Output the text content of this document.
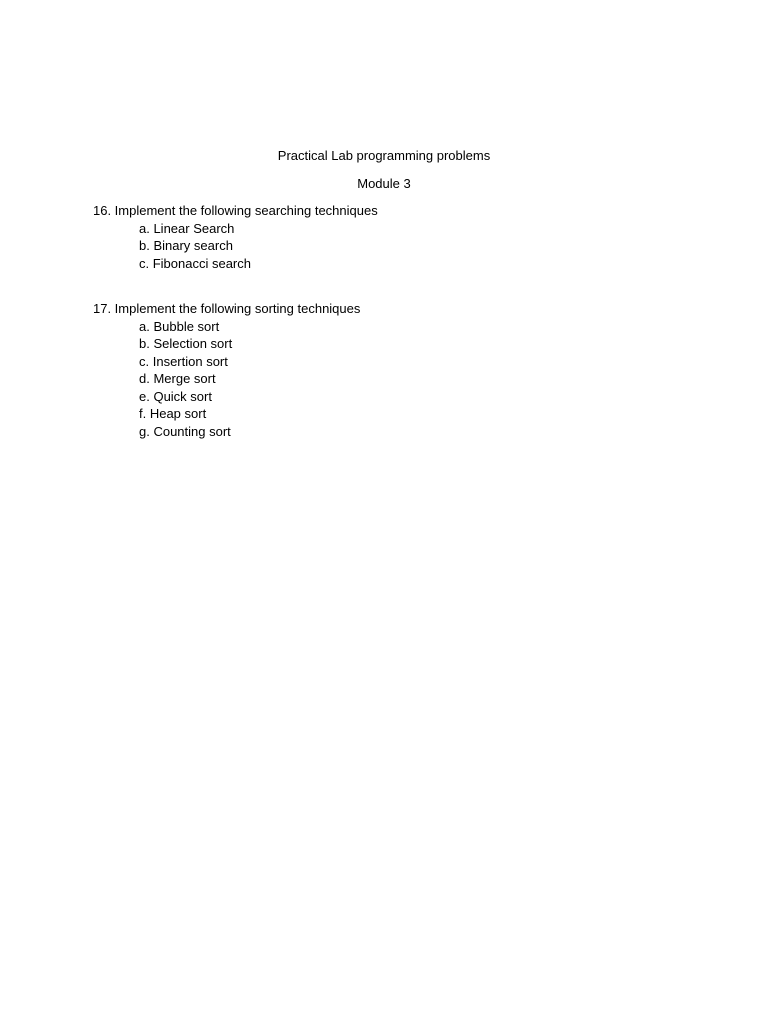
Practical Lab programming problems
Module 3

16. Implement the following searching techniques

a. Linear Search
b. Binary search
c. Fibonacci search

17. Implement the following sorting techniques

a. Bubble sort
b. Selection sort
c. Insertion sort
d. Merge sort
e. Quick sort
f. Heap sort
g. Counting sort
